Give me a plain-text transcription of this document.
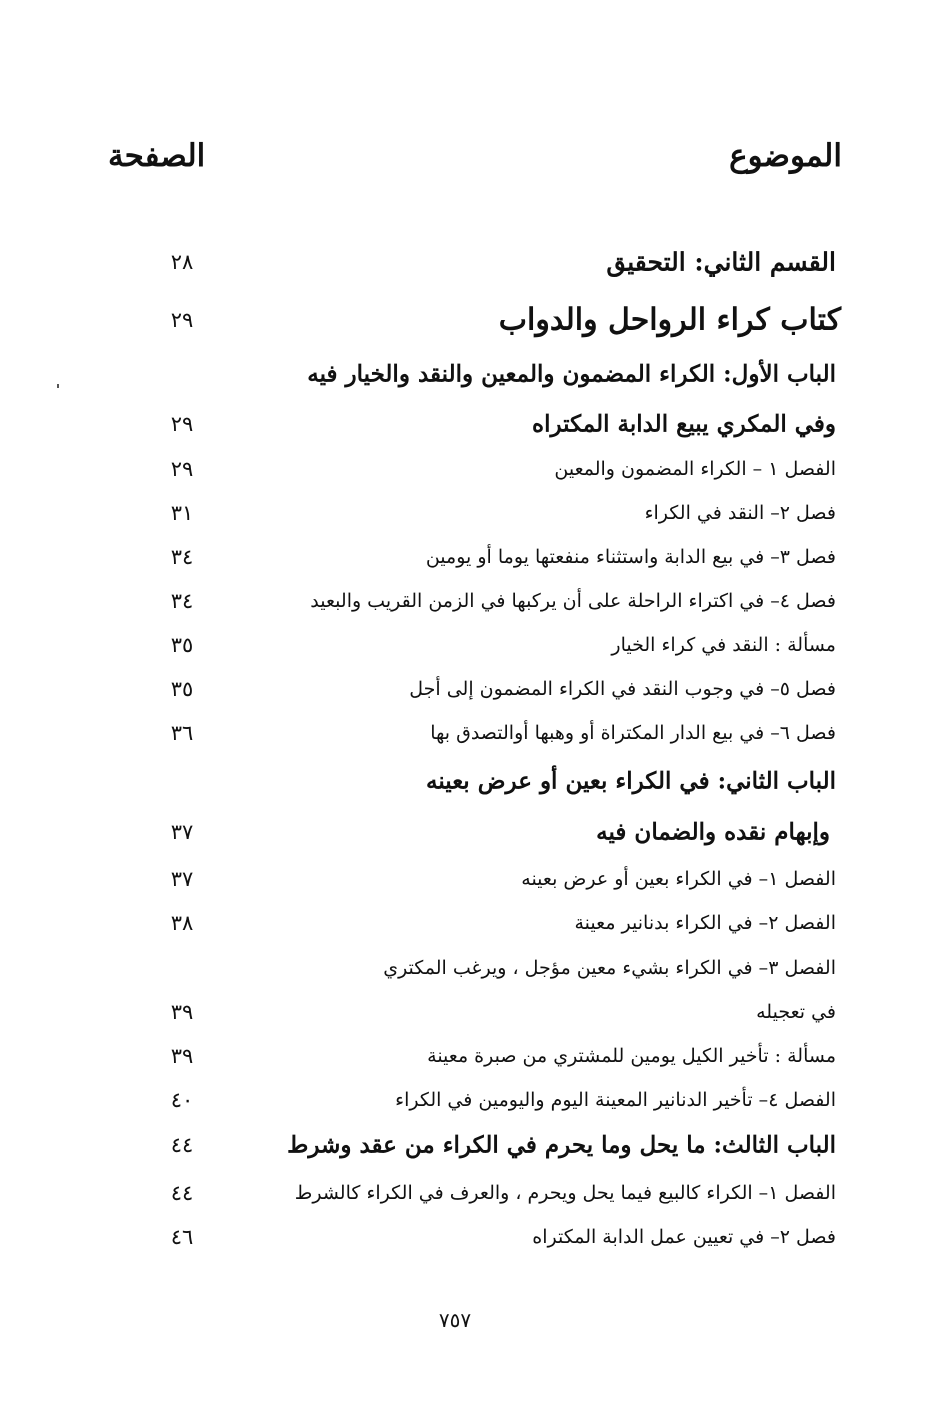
الموضوع
الصفحة
القسم الثاني: التحقيق
٢٨
كتاب كراء الرواحل والدواب
٢٩
الباب الأول: الكراء المضمون والمعين والنقد والخيار فيه
وفي المكري يبيع الدابة المكتراه
٢٩
الفصل ١ – الكراء المضمون والمعين
٢٩
فصل ٢– النقد في الكراء
٣١
فصل ٣– في بيع الدابة واستثناء منفعتها يوما أو يومين
٣٤
فصل ٤– في اكتراء الراحلة على أن يركبها في الزمن القريب والبعيد
٣٤
مسألة : النقد في كراء الخيار
٣٥
فصل ٥– في وجوب النقد في الكراء المضمون إلى أجل
٣٥
فصل ٦– في بيع الدار المكتراة أو وهبها أوالتصدق بها
٣٦
الباب الثاني: في الكراء بعين أو عرض بعينه
وإبهام نقده والضمان فيه
٣٧
الفصل ١– في الكراء بعين أو عرض بعينه
٣٧
الفصل ٢– في الكراء بدنانير معينة
٣٨
الفصل ٣– في الكراء بشيء معين مؤجل ، ويرغب المكتري
في تعجيله
٣٩
مسألة : تأخير الكيل يومين للمشتري من صبرة معينة
٣٩
الفصل ٤– تأخير الدنانير المعينة اليوم واليومين في الكراء
٤٠
الباب الثالث: ما يحل وما يحرم في الكراء من عقد وشرط
٤٤
الفصل ١– الكراء كالبيع فيما يحل ويحرم ، والعرف في الكراء كالشرط
٤٤
فصل ٢– في تعيين عمل الدابة المكتراه
٤٦
٧٥٧
